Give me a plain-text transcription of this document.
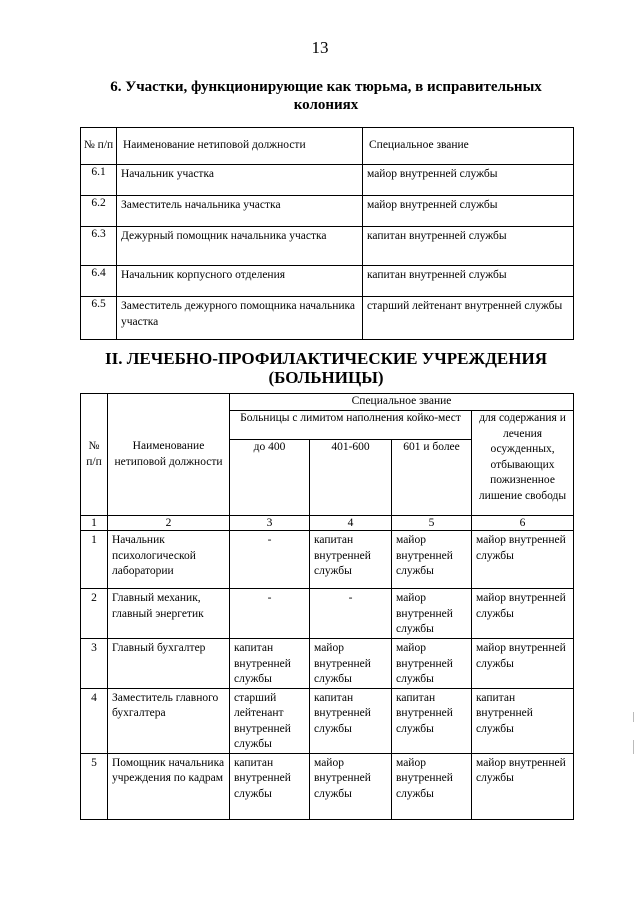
13
6. Участки, функционирующие как тюрьма, в исправительных колониях
№ п/п	Наименование нетиповой должности	Специальное звание
6.1	Начальник участка	майор внутренней службы
6.2	Заместитель начальника участка	майор внутренней службы
6.3	Дежурный помощник начальника участка	капитан внутренней службы
6.4	Начальник корпусного отделения	капитан внутренней службы
6.5	Заместитель дежурного помощника начальника участка	старший лейтенант внутренней службы
II. ЛЕЧЕБНО-ПРОФИЛАКТИЧЕСКИЕ УЧРЕЖДЕНИЯ (БОЛЬНИЦЫ)
№ п/п	Наименование нетиповой должности	Специальное звание			
		Больницы с лимитом наполнения койко-мест			для содержания и лечения осужденных, отбывающих пожизненное лишение свободы
		до 400	401-600	601 и более	
1	2	3	4	5	6
1	Начальник психологической лаборатории	-	капитан внутренней службы	майор внутренней службы	майор внутренней службы
2	Главный механик, главный энергетик	-	-	майор внутренней службы	майор внутренней службы
3	Главный бухгалтер	капитан внутренней службы	майор внутренней службы	майор внутренней службы	майор внутренней службы
4	Заместитель главного бухгалтера	старший лейтенант внутренней службы	капитан внутренней службы	капитан внутренней службы	капитан внутренней службы
5	Помощник начальника учреждения по кадрам	капитан внутренней службы	майор внутренней службы	майор внутренней службы	майор внутренней службы
